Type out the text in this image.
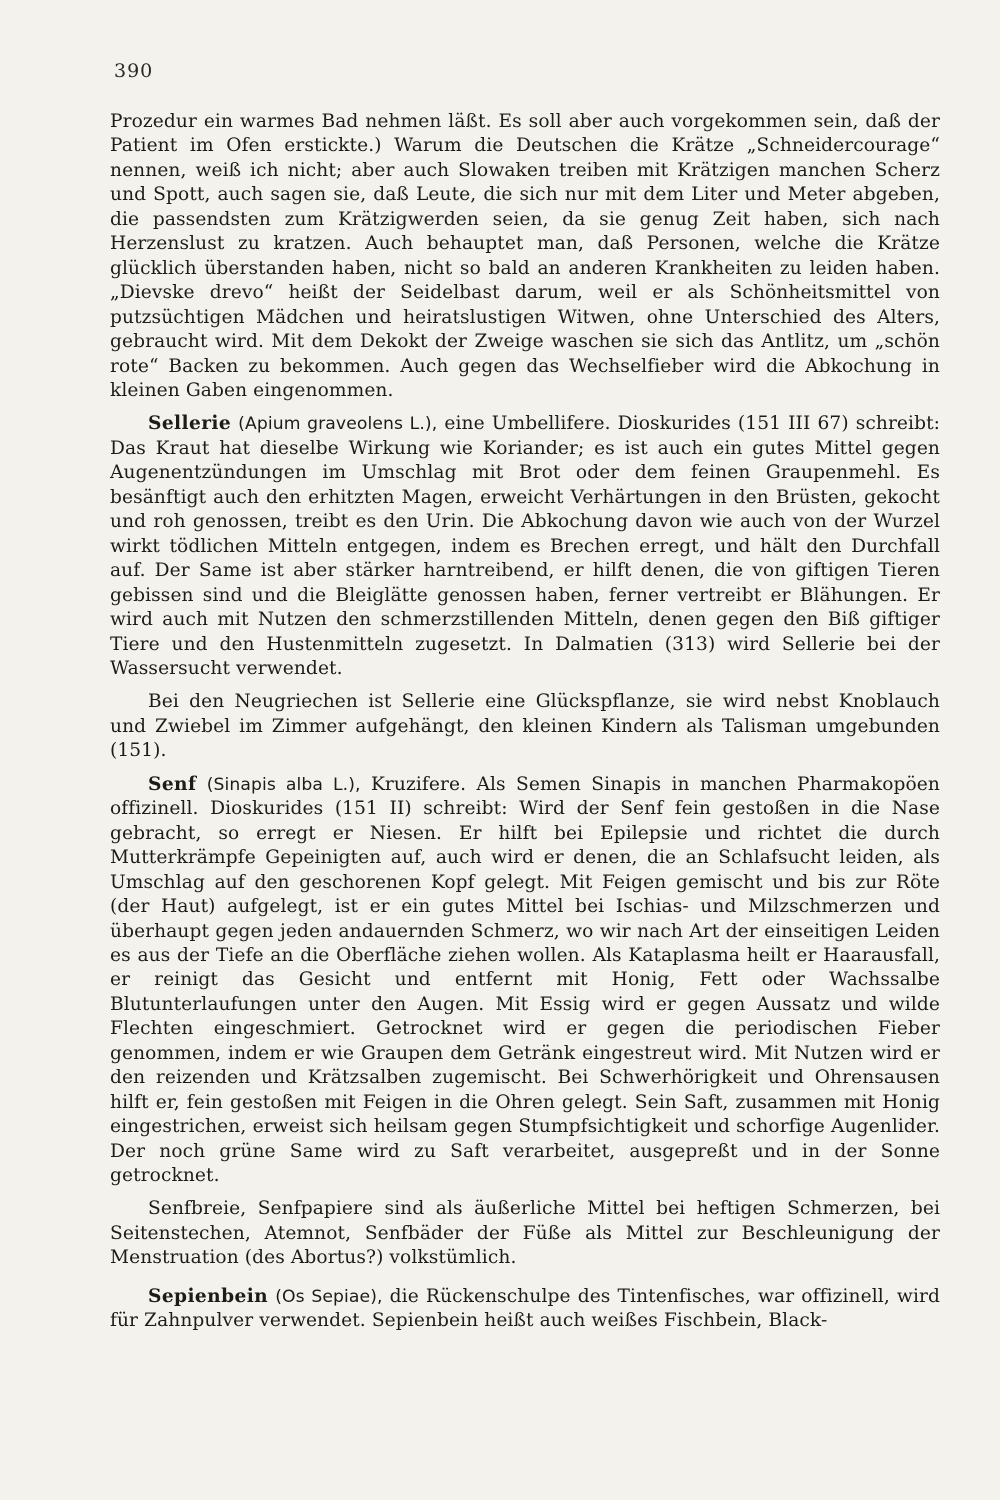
390

Prozedur ein warmes Bad nehmen läßt. Es soll aber auch vorgekommen sein, daß der Patient im Ofen erstickte.) Warum die Deutschen die Krätze „Schneidercourage“ nennen, weiß ich nicht; aber auch Slowaken treiben mit Krätzigen manchen Scherz und Spott, auch sagen sie, daß Leute, die sich nur mit dem Liter und Meter abgeben, die passendsten zum Krätzigwerden seien, da sie genug Zeit haben, sich nach Herzenslust zu kratzen. Auch behauptet man, daß Personen, welche die Krätze glücklich überstanden haben, nicht so bald an anderen Krankheiten zu leiden haben. „Dievske drevo“ heißt der Seidelbast darum, weil er als Schönheitsmittel von putzsüchtigen Mädchen und heiratslustigen Witwen, ohne Unterschied des Alters, gebraucht wird. Mit dem Dekokt der Zweige waschen sie sich das Antlitz, um „schön rote“ Backen zu bekommen. Auch gegen das Wechselfieber wird die Abkochung in kleinen Gaben eingenommen.

Sellerie (Apium graveolens L.), eine Umbellifere. Dioskurides (151 III 67) schreibt: Das Kraut hat dieselbe Wirkung wie Koriander; es ist auch ein gutes Mittel gegen Augenentzündungen im Umschlag mit Brot oder dem feinen Graupenmehl. Es besänftigt auch den erhitzten Magen, erweicht Verhärtungen in den Brüsten, gekocht und roh genossen, treibt es den Urin. Die Abkochung davon wie auch von der Wurzel wirkt tödlichen Mitteln entgegen, indem es Brechen erregt, und hält den Durchfall auf. Der Same ist aber stärker harntreibend, er hilft denen, die von giftigen Tieren gebissen sind und die Bleiglätte genossen haben, ferner vertreibt er Blähungen. Er wird auch mit Nutzen den schmerzstillenden Mitteln, denen gegen den Biß giftiger Tiere und den Hustenmitteln zugesetzt. In Dalmatien (313) wird Sellerie bei der Wassersucht verwendet.

Bei den Neugriechen ist Sellerie eine Glückspflanze, sie wird nebst Knoblauch und Zwiebel im Zimmer aufgehängt, den kleinen Kindern als Talisman umgebunden (151).

Senf (Sinapis alba L.), Kruzifere. Als Semen Sinapis in manchen Pharmakopöen offizinell. Dioskurides (151 II) schreibt: Wird der Senf fein gestoßen in die Nase gebracht, so erregt er Niesen. Er hilft bei Epilepsie und richtet die durch Mutterkrämpfe Gepeinigten auf, auch wird er denen, die an Schlafsucht leiden, als Umschlag auf den geschorenen Kopf gelegt. Mit Feigen gemischt und bis zur Röte (der Haut) aufgelegt, ist er ein gutes Mittel bei Ischias- und Milzschmerzen und überhaupt gegen jeden andauernden Schmerz, wo wir nach Art der einseitigen Leiden es aus der Tiefe an die Oberfläche ziehen wollen. Als Kataplasma heilt er Haarausfall, er reinigt das Gesicht und entfernt mit Honig, Fett oder Wachssalbe Blutunterlaufungen unter den Augen. Mit Essig wird er gegen Aussatz und wilde Flechten eingeschmiert. Getrocknet wird er gegen die periodischen Fieber genommen, indem er wie Graupen dem Getränk eingestreut wird. Mit Nutzen wird er den reizenden und Krätzsalben zugemischt. Bei Schwerhörigkeit und Ohrensausen hilft er, fein gestoßen mit Feigen in die Ohren gelegt. Sein Saft, zusammen mit Honig eingestrichen, erweist sich heilsam gegen Stumpfsichtigkeit und schorfige Augenlider. Der noch grüne Same wird zu Saft verarbeitet, ausgepreßt und in der Sonne getrocknet.

Senfbreie, Senfpapiere sind als äußerliche Mittel bei heftigen Schmerzen, bei Seitenstechen, Atemnot, Senfbäder der Füße als Mittel zur Beschleunigung der Menstruation (des Abortus?) volkstümlich.

Sepienbein (Os Sepiae), die Rückenschulpe des Tintenfisches, war offizinell, wird für Zahnpulver verwendet. Sepienbein heißt auch weißes Fischbein, Black-
